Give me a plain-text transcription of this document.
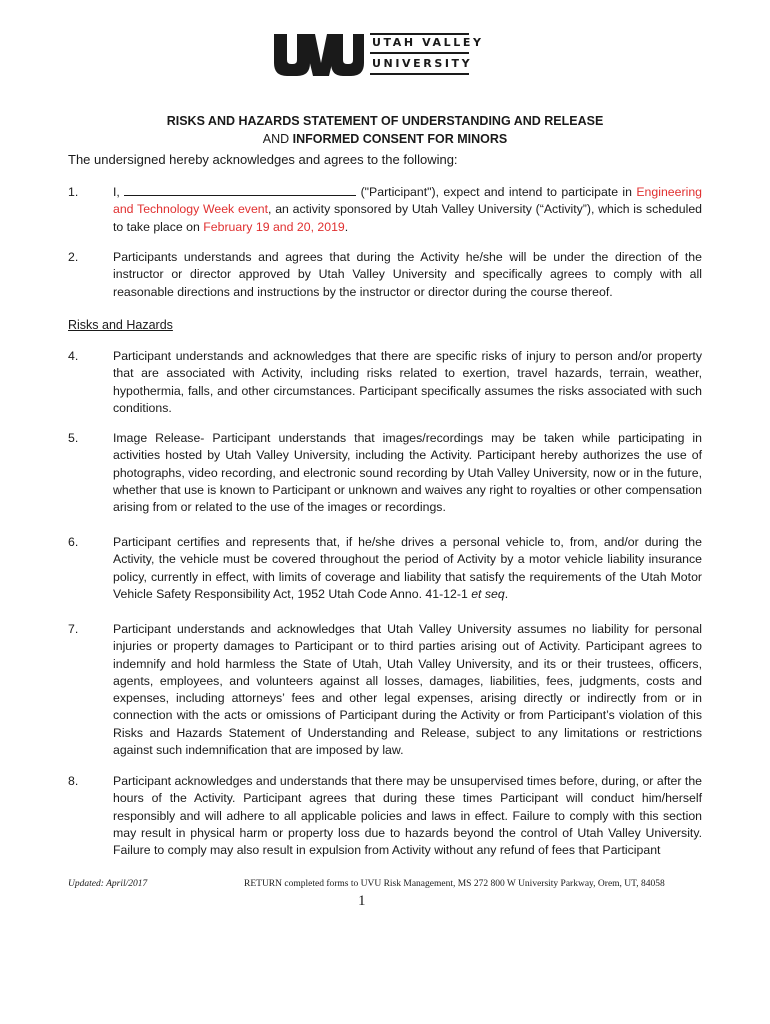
UVU
UTAH VALLEY
UNIVERSITY
RISKS AND HAZARDS STATEMENT OF UNDERSTANDING AND RELEASE
AND INFORMED CONSENT FOR MINORS
The undersigned hereby acknowledges and agrees to the following:
1.	I,	("Participant"), expect and intend to participate in Engineering and Technology Week event, an activity sponsored by Utah Valley University (“Activity”), which is scheduled to take place on February 19 and 20, 2019.
2.	Participants understands and agrees that during the Activity he/she will be under the direction of the instructor or director approved by Utah Valley University and specifically agrees to comply with all reasonable directions and instructions by the instructor or director during the course thereof.
Risks and Hazards
4.	Participant understands and acknowledges that there are specific risks of injury to person and/or property that are associated with Activity, including risks related to exertion, travel hazards, terrain, weather, hypothermia, falls, and other circumstances. Participant specifically assumes the risks associated with such conditions.
5.	Image Release- Participant understands that images/recordings may be taken while participating in activities hosted by Utah Valley University, including the Activity. Participant hereby authorizes the use of photographs, video recording, and electronic sound recording by Utah Valley University, now or in the future, whether that use is known to Participant or unknown and waives any right to royalties or other compensation arising from or related to the use of the images or recordings.
6.	Participant certifies and represents that, if he/she drives a personal vehicle to, from, and/or during the Activity, the vehicle must be covered throughout the period of Activity by a motor vehicle liability insurance policy, currently in effect, with limits of coverage and liability that satisfy the requirements of the Utah Motor Vehicle Safety Responsibility Act, 1952 Utah Code Anno. 41-12-1 et seq.
7.	Participant understands and acknowledges that Utah Valley University assumes no liability for personal injuries or property damages to Participant or to third parties arising out of Activity. Participant agrees to indemnify and hold harmless the State of Utah, Utah Valley University, and its or their trustees, officers, agents, employees, and volunteers against all losses, damages, liabilities, fees, judgments, costs and expenses, including attorneys’ fees and other legal expenses, arising directly or indirectly from or in connection with the acts or omissions of Participant during the Activity or from Participant’s violation of this Risks and Hazards Statement of Understanding and Release, subject to any limitations or restrictions against such indemnification that are imposed by law.
8.	Participant acknowledges and understands that there may be unsupervised times before, during, or after the hours of the Activity. Participant agrees that during these times Participant will conduct him/herself responsibly and will adhere to all applicable policies and laws in effect. Failure to comply with this section may result in physical harm or property loss due to hazards beyond the control of Utah Valley University. Failure to comply may also result in expulsion from Activity without any refund of fees that Participant
Updated: April/2017	RETURN completed forms to UVU Risk Management, MS 272 800 W University Parkway, Orem, UT, 84058
1
